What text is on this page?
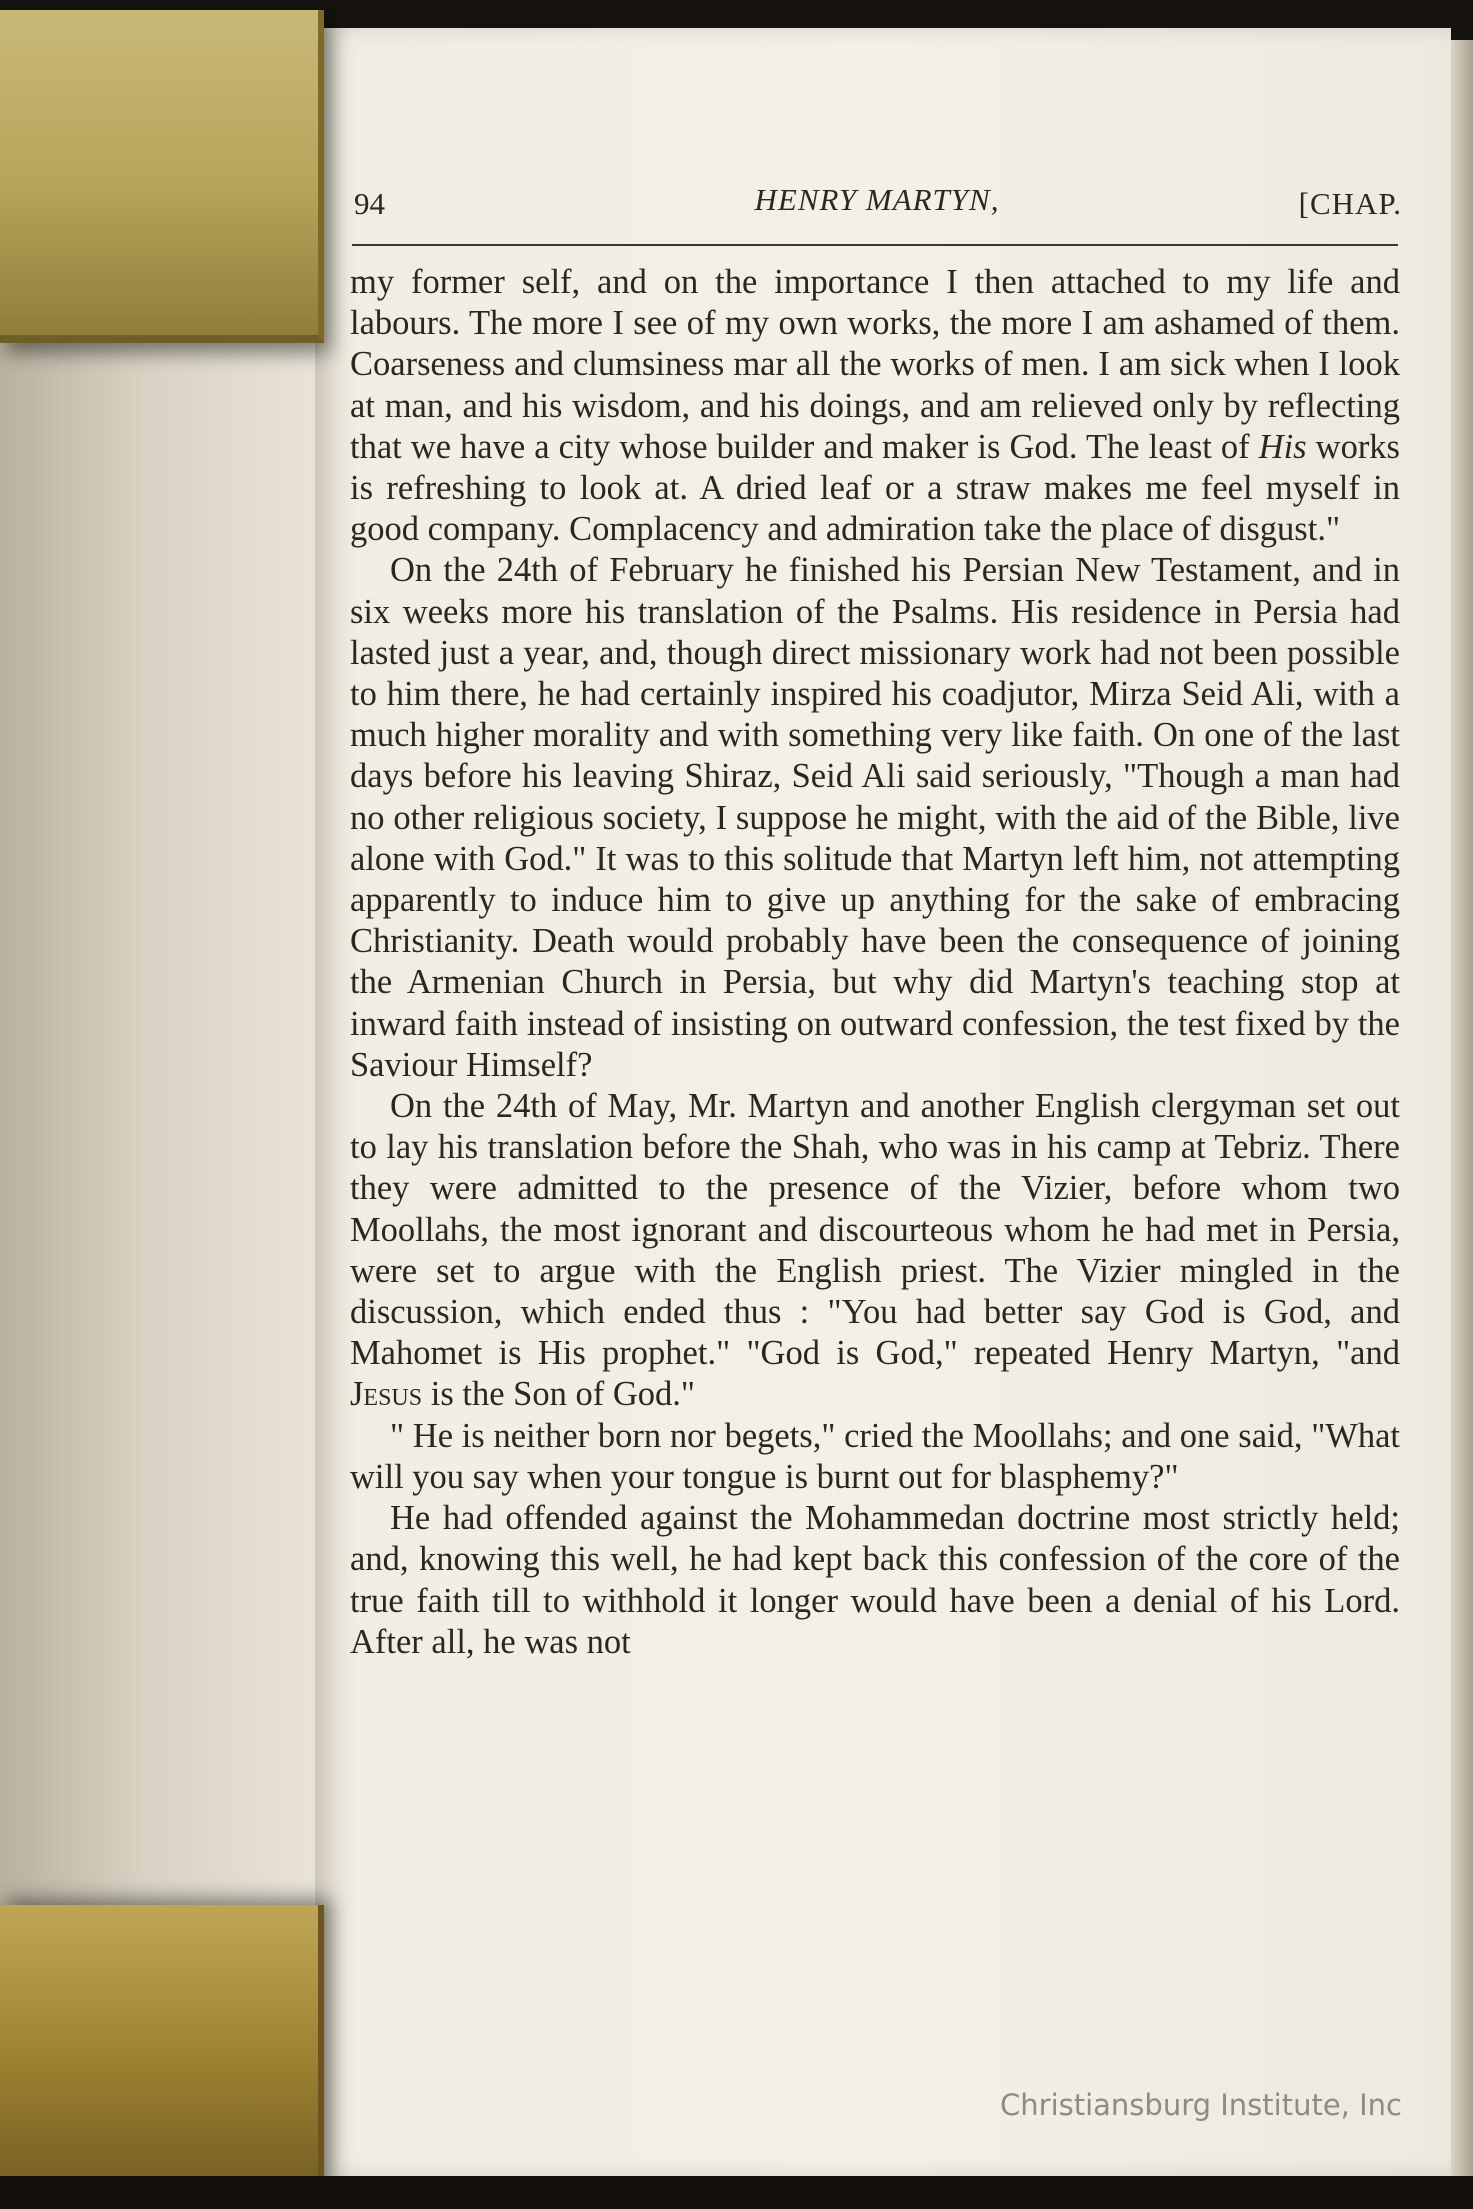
94	HENRY MARTYN,	[CHAP.

my former self, and on the importance I then attached to my life and labours. The more I see of my own works, the more I am ashamed of them. Coarseness and clumsiness mar all the works of men. I am sick when I look at man, and his wisdom, and his doings, and am relieved only by reflecting that we have a city whose builder and maker is God. The least of His works is refreshing to look at. A dried leaf or a straw makes me feel myself in good company. Complacency and admiration take the place of disgust."

On the 24th of February he finished his Persian New Testament, and in six weeks more his translation of the Psalms. His residence in Persia had lasted just a year, and, though direct missionary work had not been possible to him there, he had certainly inspired his coadjutor, Mirza Seid Ali, with a much higher morality and with something very like faith. On one of the last days before his leaving Shiraz, Seid Ali said seriously, "Though a man had no other religious society, I suppose he might, with the aid of the Bible, live alone with God." It was to this solitude that Martyn left him, not attempting apparently to induce him to give up anything for the sake of embracing Christianity. Death would probably have been the consequence of joining the Armenian Church in Persia, but why did Martyn's teaching stop at inward faith instead of insisting on outward confession, the test fixed by the Saviour Himself?

On the 24th of May, Mr. Martyn and another English clergyman set out to lay his translation before the Shah, who was in his camp at Tebriz. There they were admitted to the presence of the Vizier, before whom two Moollahs, the most ignorant and discourteous whom he had met in Persia, were set to argue with the English priest. The Vizier mingled in the discussion, which ended thus : "You had better say God is God, and Mahomet is His prophet." "God is God," repeated Henry Martyn, "and Jesus is the Son of God."

" He is neither born nor begets," cried the Moollahs; and one said, "What will you say when your tongue is burnt out for blasphemy?"

He had offended against the Mohammedan doctrine most strictly held; and, knowing this well, he had kept back this confession of the core of the true faith till to withhold it longer would have been a denial of his Lord. After all, he was not

Christiansburg Institute, Inc
